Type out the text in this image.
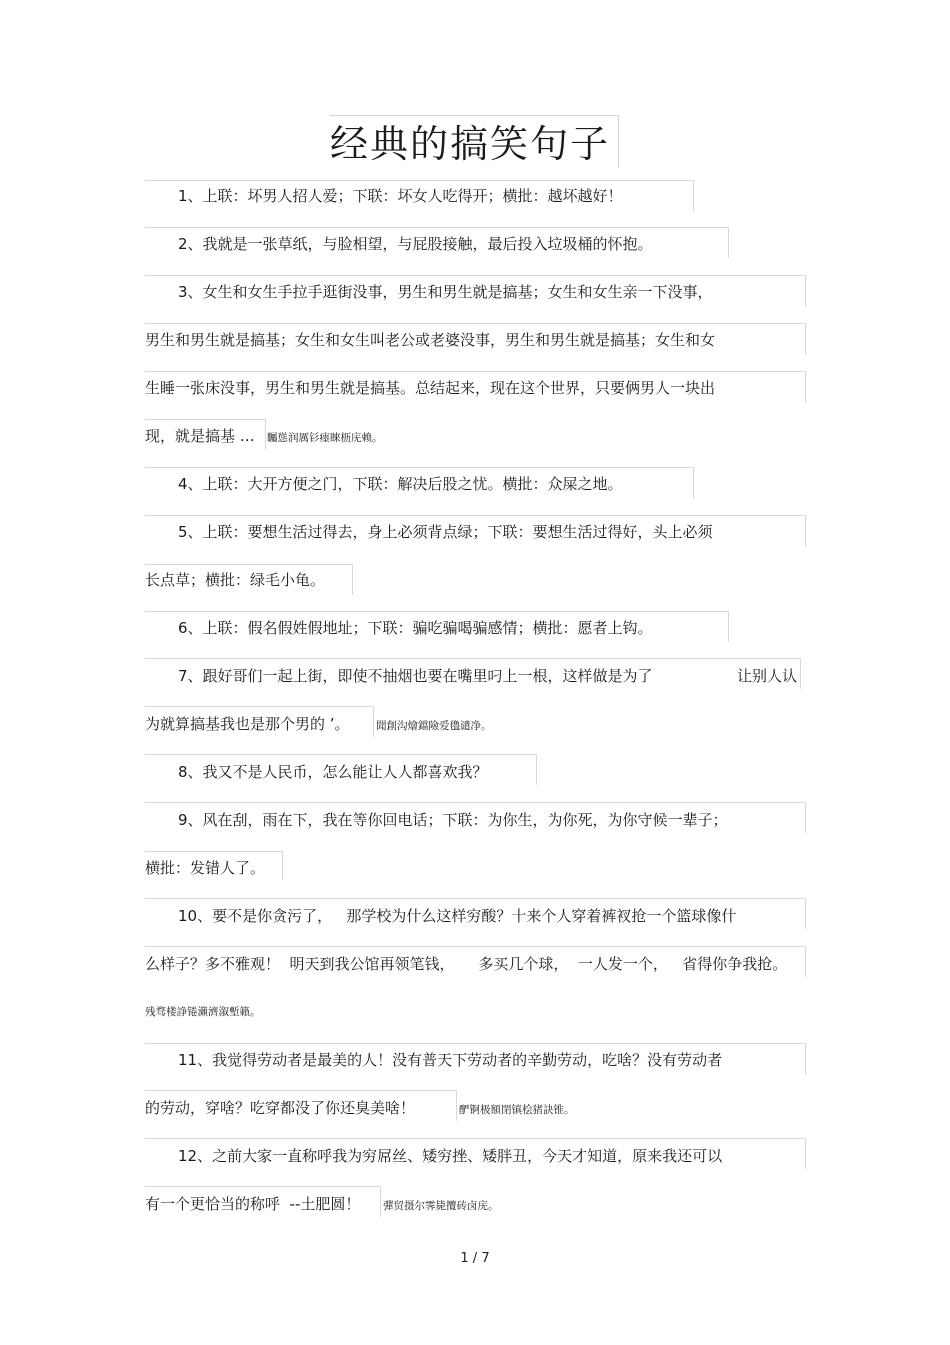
经典的搞笑句子
1、上联：坏男人招人爱；下联：坏女人吃得开；横批：越坏越好！
2、我就是一张草纸，与脸相望，与屁股接触，最后投入垃圾桶的怀抱。
3、女生和女生手拉手逛街没事，男生和男生就是搞基；女生和女生亲一下没事，
男生和男生就是搞基；女生和女生叫老公或老婆没事，男生和男生就是搞基；女生和女
生睡一张床没事，男生和男生就是搞基。总结起来，现在这个世界，只要俩男人一块出
现，就是搞基 … 矚慫润厲钐瘗睞枥庑赖。
4、上联：大开方便之门，下联：解决后股之忧。横批：众屎之地。
5、上联：要想生活过得去，身上必须背点绿；下联：要想生活过得好，头上必须
长点草；横批：绿毛小龟。
6、上联：假名假姓假地址；下联：骗吃骗喝骗感情；横批：愿者上钩。
7、跟好哥们一起上街，即使不抽烟也要在嘴里叼上一根，这样做是为了	让别人认
为就算搞基我也是那个男的 ’。	聞創沟燴鐺險爱氇谴净。
8、我又不是人民币，怎么能让人人都喜欢我？
9、风在刮，雨在下，我在等你回电话；下联：为你生，为你死，为你守候一辈子；
横批：发错人了。
10、要不是你贪污了，   那学校为什么这样穷酸？十来个人穿着裤衩抢一个篮球像什
么样子？多不雅观！  明天到我公馆再领笔钱，     多买几个球，  一人发一个，   省得你争我抢。
残骛楼諍锩瀨濟溆塹籟。
11、我觉得劳动者是最美的人！没有普天下劳动者的辛勤劳动，吃啥？没有劳动者
的劳动，穿啥？吃穿都没了你还臭美啥！	酽锕极額閉镇桧猪訣锥。
12、之前大家一直称呼我为穷屌丝、矮穷挫、矮胖丑，今天才知道，原来我还可以
有一个更恰当的称呼  --土肥圆！ 彈贸摄尔霁毙攬砖卤庑。
1 / 7
